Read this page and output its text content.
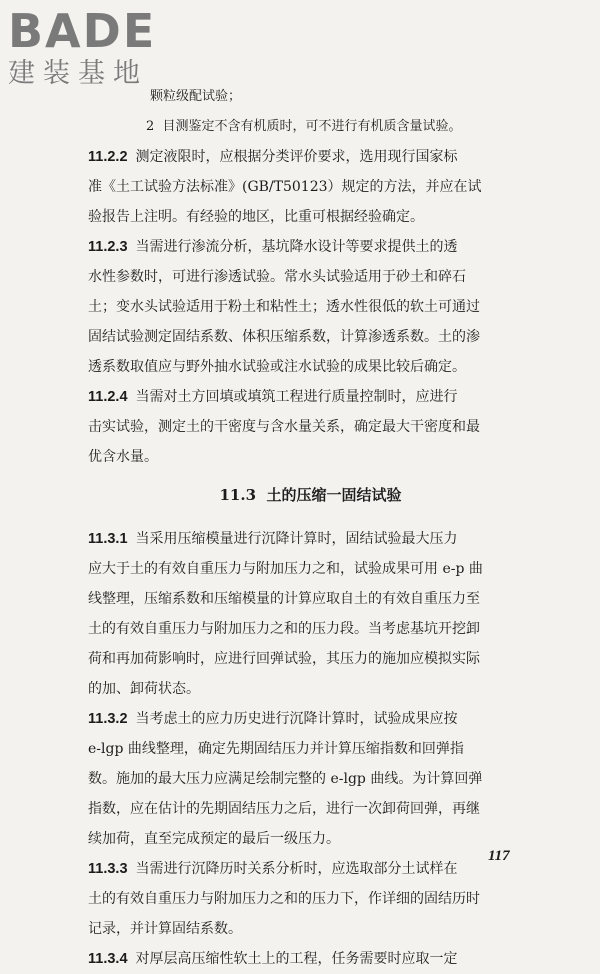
BADE
建装基地
颗粒级配试验；
2 目测鉴定不含有机质时，可不进行有机质含量试验。
11.2.2 测定液限时，应根据分类评价要求，选用现行国家标
准《土工试验方法标准》(GB/T50123）规定的方法，并应在试
验报告上注明。有经验的地区，比重可根据经验确定。
11.2.3 当需进行渗流分析，基坑降水设计等要求提供土的透
水性参数时，可进行渗透试验。常水头试验适用于砂土和碎石
土；变水头试验适用于粉土和粘性土；透水性很低的软土可通过
固结试验测定固结系数、体积压缩系数，计算渗透系数。土的渗
透系数取值应与野外抽水试验或注水试验的成果比较后确定。
11.2.4 当需对土方回填或填筑工程进行质量控制时，应进行
击实试验，测定土的干密度与含水量关系，确定最大干密度和最
优含水量。
11.3 土的压缩一固结试验
11.3.1 当采用压缩模量进行沉降计算时，固结试验最大压力
应大于土的有效自重压力与附加压力之和，试验成果可用 e-p 曲
线整理，压缩系数和压缩模量的计算应取自土的有效自重压力至
土的有效自重压力与附加压力之和的压力段。当考虑基坑开挖卸
荷和再加荷影响时，应进行回弹试验，其压力的施加应模拟实际
的加、卸荷状态。
11.3.2 当考虑土的应力历史进行沉降计算时，试验成果应按
e-lgp 曲线整理，确定先期固结压力并计算压缩指数和回弹指
数。施加的最大压力应满足绘制完整的 e-lgp 曲线。为计算回弹
指数，应在估计的先期固结压力之后，进行一次卸荷回弹，再继
续加荷，直至完成预定的最后一级压力。
11.3.3 当需进行沉降历时关系分析时，应选取部分土试样在
土的有效自重压力与附加压力之和的压力下，作详细的固结历时
记录，并计算固结系数。
11.3.4 对厚层高压缩性软土上的工程，任务需要时应取一定
117
